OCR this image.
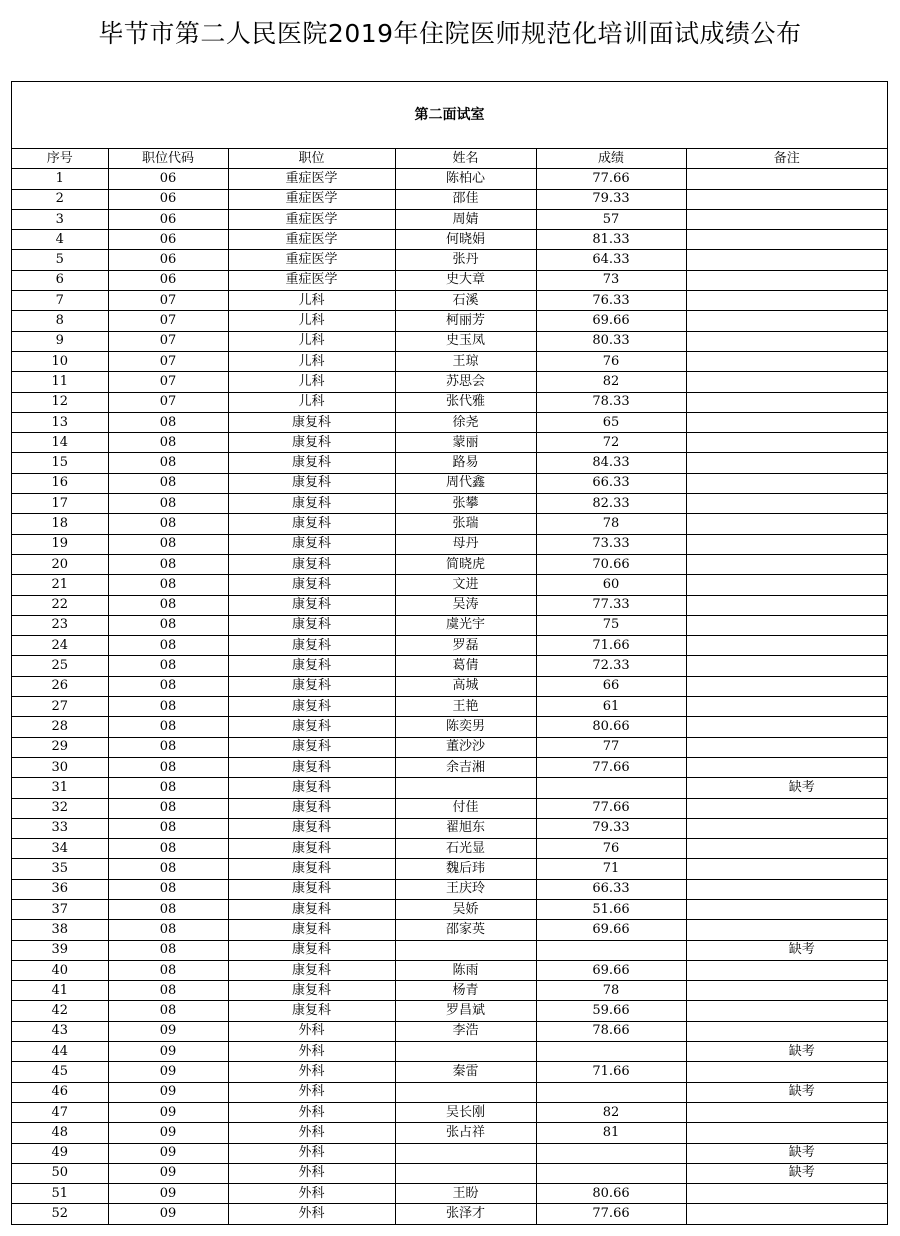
毕节市第二人民医院2019年住院医师规范化培训面试成绩公布
第二面试室
序号	职位代码	职位	姓名	成绩	备注
1	06	重症医学	陈柏心	77.66	
2	06	重症医学	邵佳	79.33	
3	06	重症医学	周婧	57	
4	06	重症医学	何晓娟	81.33	
5	06	重症医学	张丹	64.33	
6	06	重症医学	史大章	73	
7	07	儿科	石溪	76.33	
8	07	儿科	柯丽芳	69.66	
9	07	儿科	史玉凤	80.33	
10	07	儿科	王琼	76	
11	07	儿科	苏思会	82	
12	07	儿科	张代雅	78.33	
13	08	康复科	徐尧	65	
14	08	康复科	蒙丽	72	
15	08	康复科	路易	84.33	
16	08	康复科	周代鑫	66.33	
17	08	康复科	张攀	82.33	
18	08	康复科	张瑞	78	
19	08	康复科	母丹	73.33	
20	08	康复科	简晓虎	70.66	
21	08	康复科	文进	60	
22	08	康复科	吴涛	77.33	
23	08	康复科	虞光宇	75	
24	08	康复科	罗磊	71.66	
25	08	康复科	葛倩	72.33	
26	08	康复科	高城	66	
27	08	康复科	王艳	61	
28	08	康复科	陈奕男	80.66	
29	08	康复科	董沙沙	77	
30	08	康复科	余吉湘	77.66	
31	08	康复科			缺考
32	08	康复科	付佳	77.66	
33	08	康复科	翟旭东	79.33	
34	08	康复科	石光显	76	
35	08	康复科	魏后玮	71	
36	08	康复科	王庆玲	66.33	
37	08	康复科	吴娇	51.66	
38	08	康复科	邵家英	69.66	
39	08	康复科			缺考
40	08	康复科	陈雨	69.66	
41	08	康复科	杨青	78	
42	08	康复科	罗昌斌	59.66	
43	09	外科	李浩	78.66	
44	09	外科			缺考
45	09	外科	秦雷	71.66	
46	09	外科			缺考
47	09	外科	吴长刚	82	
48	09	外科	张占祥	81	
49	09	外科			缺考
50	09	外科			缺考
51	09	外科	王盼	80.66	
52	09	外科	张泽才	77.66	
